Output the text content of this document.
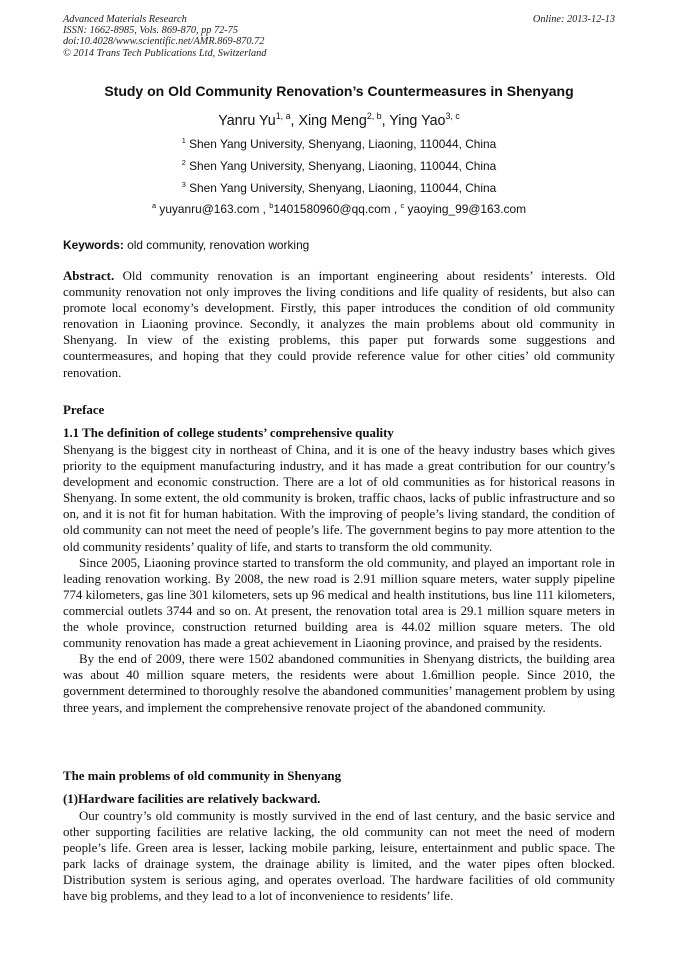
Advanced Materials Research
ISSN: 1662-8985, Vols. 869-870, pp 72-75
doi:10.4028/www.scientific.net/AMR.869-870.72
© 2014 Trans Tech Publications Ltd, Switzerland
Online: 2013-12-13
Study on Old Community Renovation’s Countermeasures in Shenyang
Yanru Yu$^{1, a}$, Xing Meng$^{2, b}$, Ying Yao$^{3, c}$
$^1$ Shen Yang University, Shenyang, Liaoning, 110044, China
$^2$ Shen Yang University, Shenyang, Liaoning, 110044, China
$^3$ Shen Yang University, Shenyang, Liaoning, 110044, China
$^a$ yuyanru@163.com , $^b$1401580960@qq.com , $^c$ yaoying_99@163.com
Keywords: old community, renovation working

Abstract. Old community renovation is an important engineering about residents’ interests. Old community renovation not only improves the living conditions and life quality of residents, but also can promote local economy’s development. Firstly, this paper introduces the condition of old community renovation in Liaoning province. Secondly, it analyzes the main problems about old community in Shenyang. In view of the existing problems, this paper put forwards some suggestions and countermeasures, and hoping that they could provide reference value for other cities’ old community renovation.

Preface
1.1 The definition of college students’ comprehensive quality

Shenyang is the biggest city in northeast of China, and it is one of the heavy industry bases which gives priority to the equipment manufacturing industry, and it has made a great contribution for our country’s development and economic construction. There are a lot of old communities as for historical reasons in Shenyang. In some extent, the old community is broken, traffic chaos, lacks of public infrastructure and so on, and it is not fit for human habitation. With the improving of people’s living standard, the condition of old community can not meet the need of people’s life. The government begins to pay more attention to the old community residents’ quality of life, and starts to transform the old community.

Since 2005, Liaoning province started to transform the old community, and played an important role in leading renovation working. By 2008, the new road is 2.91 million square meters, water supply pipeline 774 kilometers, gas line 301 kilometers, sets up 96 medical and health institutions, bus line 111 kilometers, commercial outlets 3744 and so on. At present, the renovation total area is 29.1 million square meters in the whole province, construction returned building area is 44.02 million square meters. The old community renovation has made a great achievement in Liaoning province, and praised by the residents.

By the end of 2009, there were 1502 abandoned communities in Shenyang districts, the building area was about 40 million square meters, the residents were about 1.6million people. Since 2010, the government determined to thoroughly resolve the abandoned communities’ management problem by using three years, and implement the comprehensive renovate project of the abandoned community.

The main problems of old community in Shenyang
(1)Hardware facilities are relatively backward.

Our country’s old community is mostly survived in the end of last century, and the basic service and other supporting facilities are relative lacking, the old community can not meet the need of modern people’s life. Green area is lesser, lacking mobile parking, leisure, entertainment and public space. The park lacks of drainage system, the drainage ability is limited, and the water pipes often blocked. Distribution system is serious aging, and operates overload. The hardware facilities of old community have big problems, and they lead to a lot of inconvenience to residents’ life.
